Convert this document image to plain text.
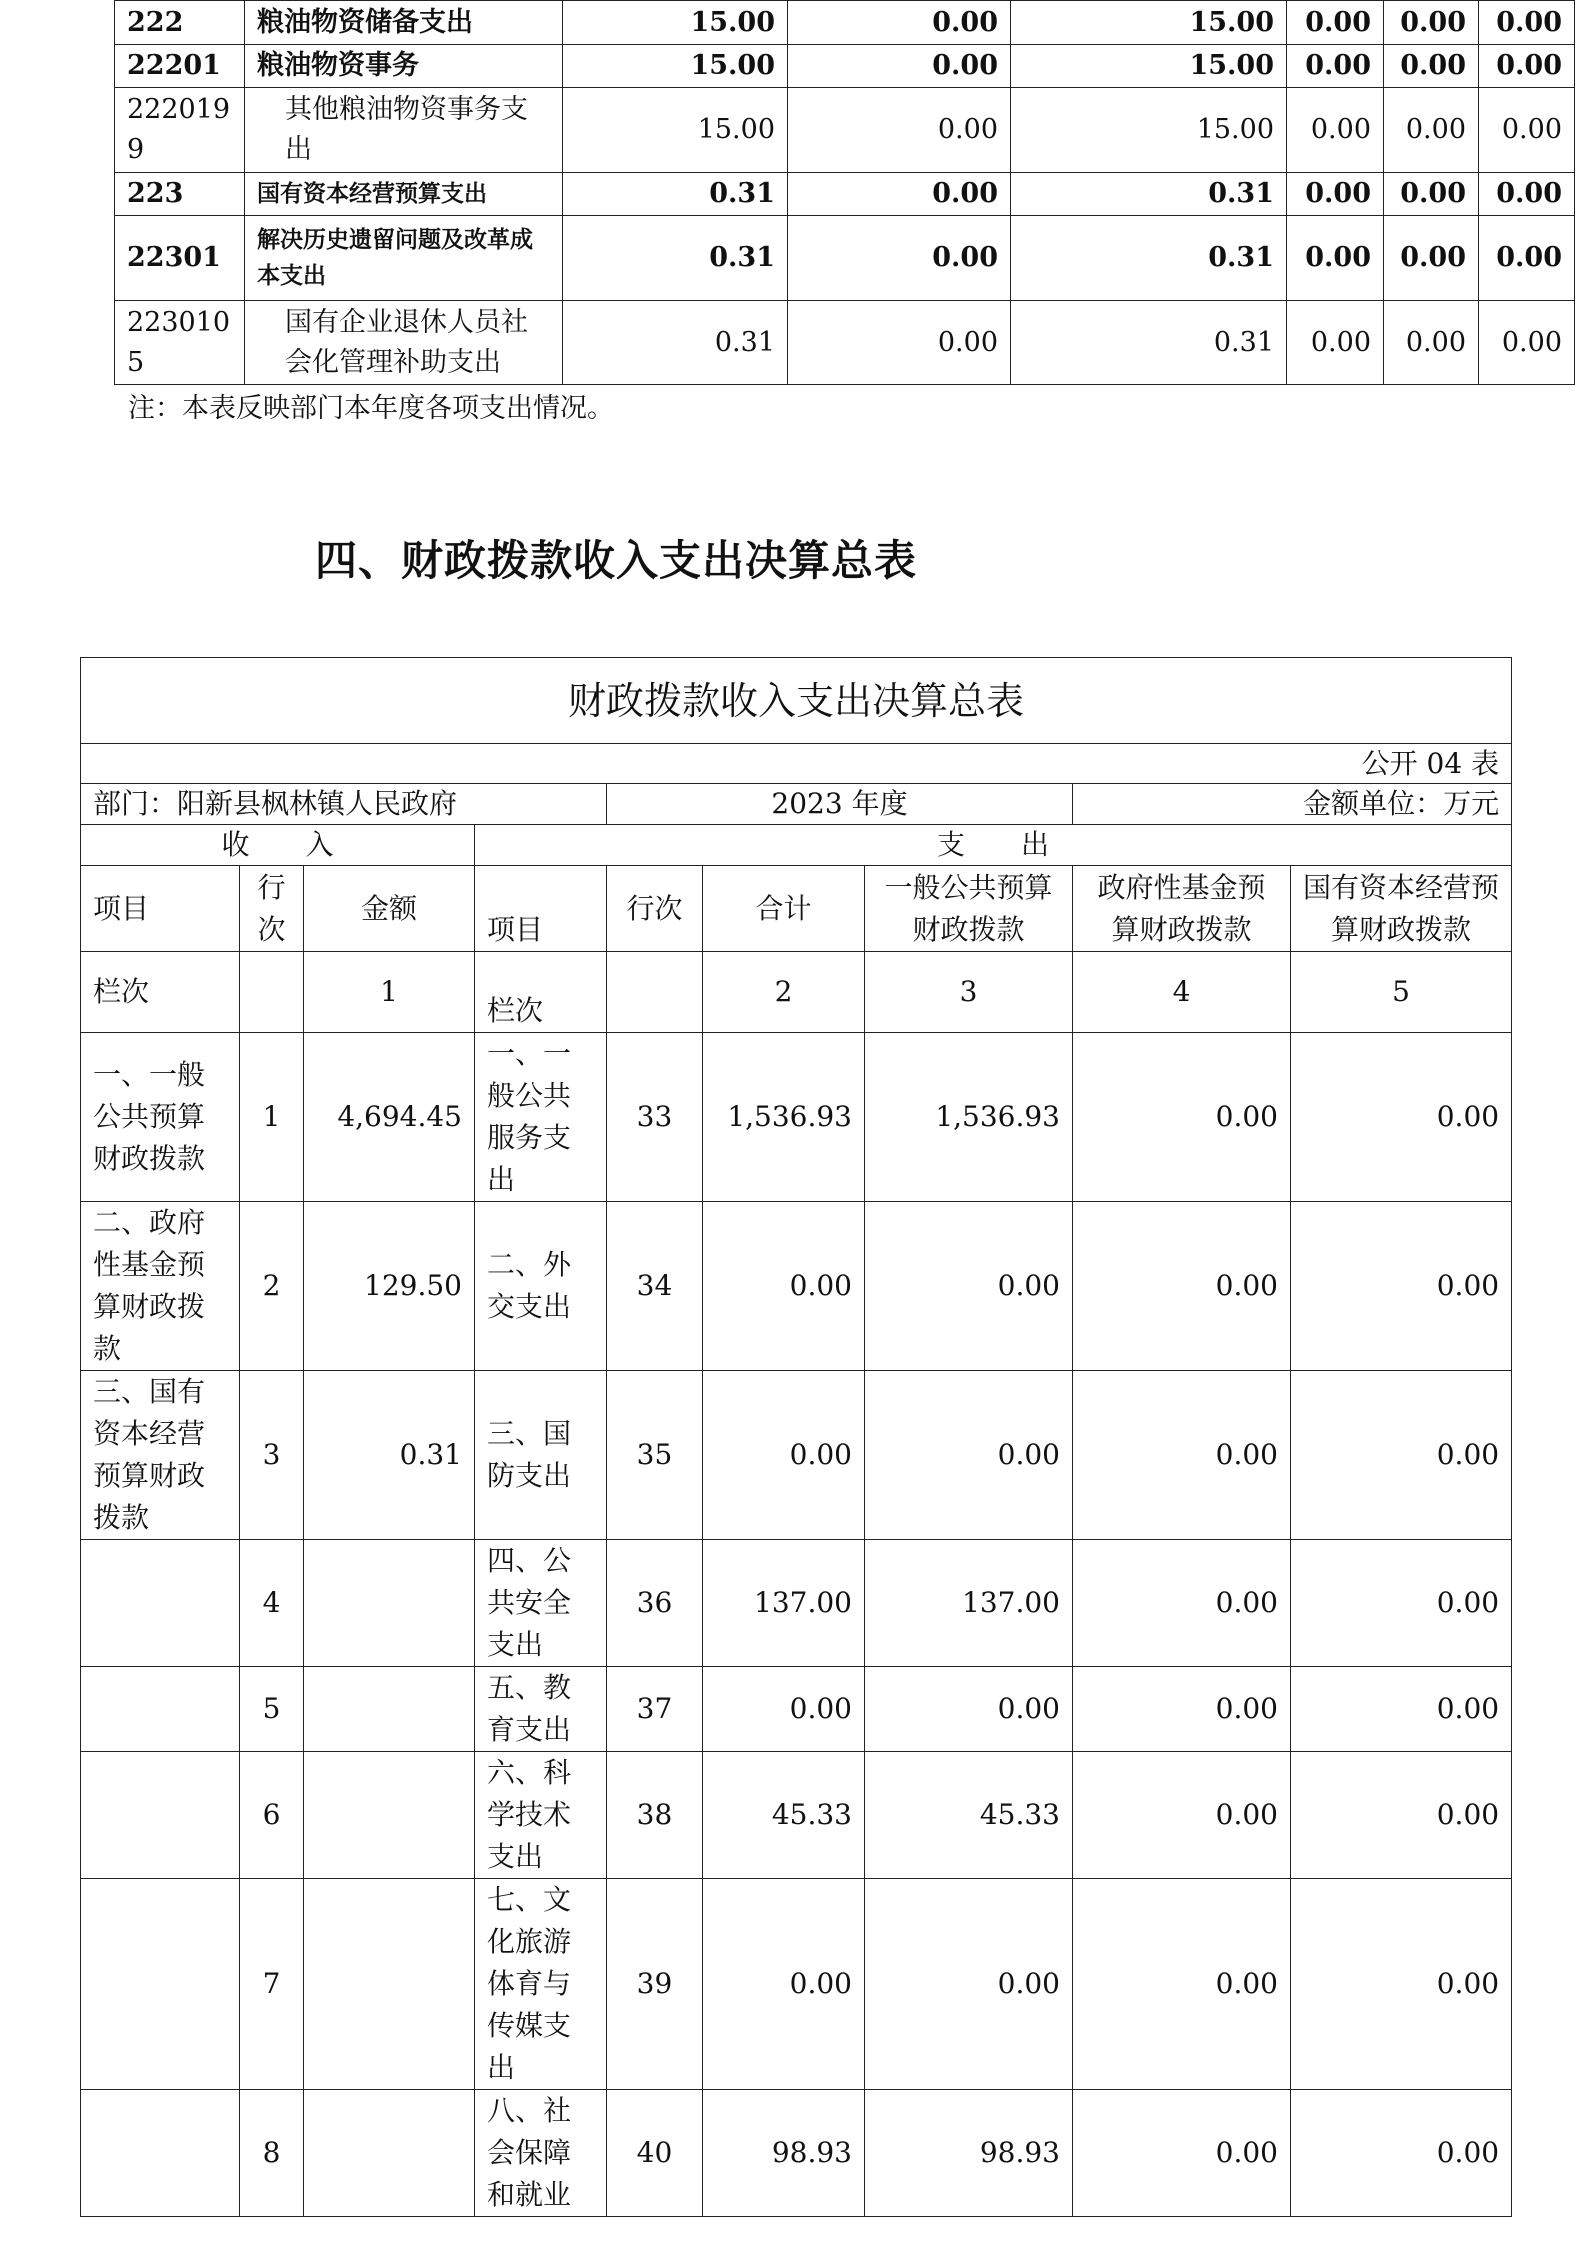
222	粮油物资储备支出	15.00	0.00	15.00	0.00	0.00	0.00
22201	粮油物资事务	15.00	0.00	15.00	0.00	0.00	0.00
2220199	其他粮油物资事务支出	15.00	0.00	15.00	0.00	0.00	0.00
223	国有资本经营预算支出	0.31	0.00	0.31	0.00	0.00	0.00
22301	解决历史遗留问题及改革成本支出	0.31	0.00	0.31	0.00	0.00	0.00
2230105	国有企业退休人员社会化管理补助支出	0.31	0.00	0.31	0.00	0.00	0.00
注：本表反映部门本年度各项支出情况。
四、财政拨款收入支出决算总表
财政拨款收入支出决算总表								
公开 04 表								
部门：阳新县枫林镇人民政府				2023 年度			金额单位：万元	
收　　入			支　　出					
项目	行次	金额	项目	行次	合计	一般公共预算财政拨款	政府性基金预算财政拨款	国有资本经营预算财政拨款
栏次		1	栏次		2	3	4	5
一、一般公共预算财政拨款	1	4,694.45	一、一般公共服务支出	33	1,536.93	1,536.93	0.00	0.00
二、政府性基金预算财政拨款	2	129.50	二、外交支出	34	0.00	0.00	0.00	0.00
三、国有资本经营预算财政拨款	3	0.31	三、国防支出	35	0.00	0.00	0.00	0.00
	4		四、公共安全支出	36	137.00	137.00	0.00	0.00
	5		五、教育支出	37	0.00	0.00	0.00	0.00
	6		六、科学技术支出	38	45.33	45.33	0.00	0.00
	7		七、文化旅游体育与传媒支出	39	0.00	0.00	0.00	0.00
	8		八、社会保障和就业	40	98.93	98.93	0.00	0.00
